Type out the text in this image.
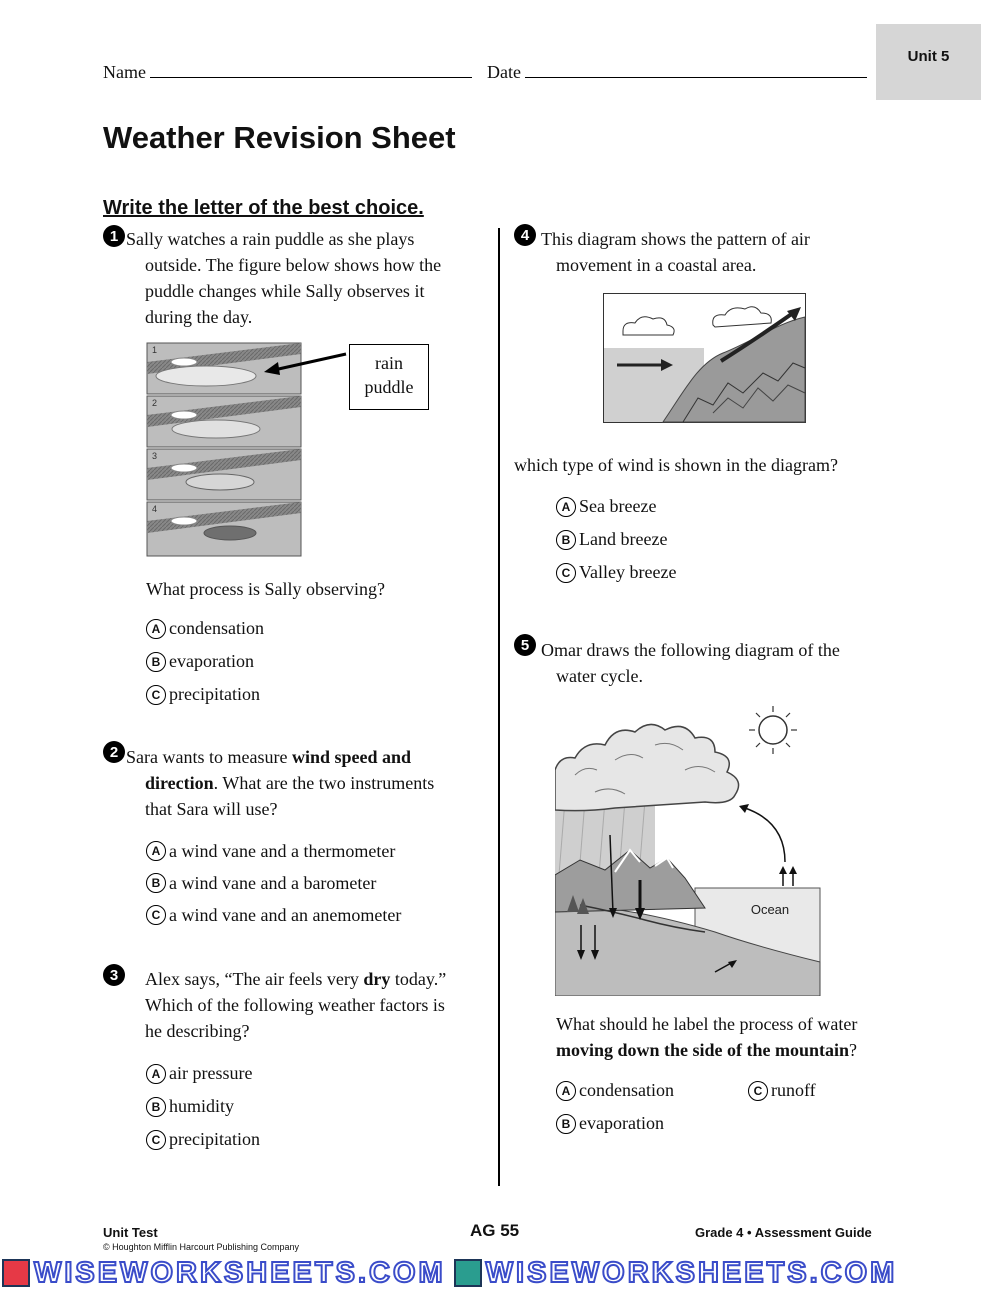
Unit 5
Name	Date
Weather Revision Sheet
Write the letter of the best choice.
1 Sally watches a rain puddle as she plays
outside. The figure below shows how the
puddle changes while Sally observes it
during the day.
1
2
3
4
rain
puddle
What process is Sally observing?
A condensation
B evaporation
C precipitation
2 Sara wants to measure wind speed and
direction. What are the two instruments
that Sara will use?
A a wind vane and a thermometer
B a wind vane and a barometer
C a wind vane and an anemometer
3	Alex says, “The air feels very dry today.”
Which of the following weather factors is
he describing?
A air pressure
B humidity
C precipitation
4 This diagram shows the pattern of air
movement in a coastal area.
which type of wind is shown in the diagram?
A Sea breeze
B Land breeze
C Valley breeze
5 Omar draws the following diagram of the
water cycle.
Ocean
What should he label the process of water
moving down the side of the mountain?
A condensation
B evaporation
C runoff
Unit Test	AG 55	Grade 4 • Assessment Guide
© Houghton Mifflin Harcourt Publishing Company
WISEWORKSHEETS.COM WISEWORKSHEETS.COM
